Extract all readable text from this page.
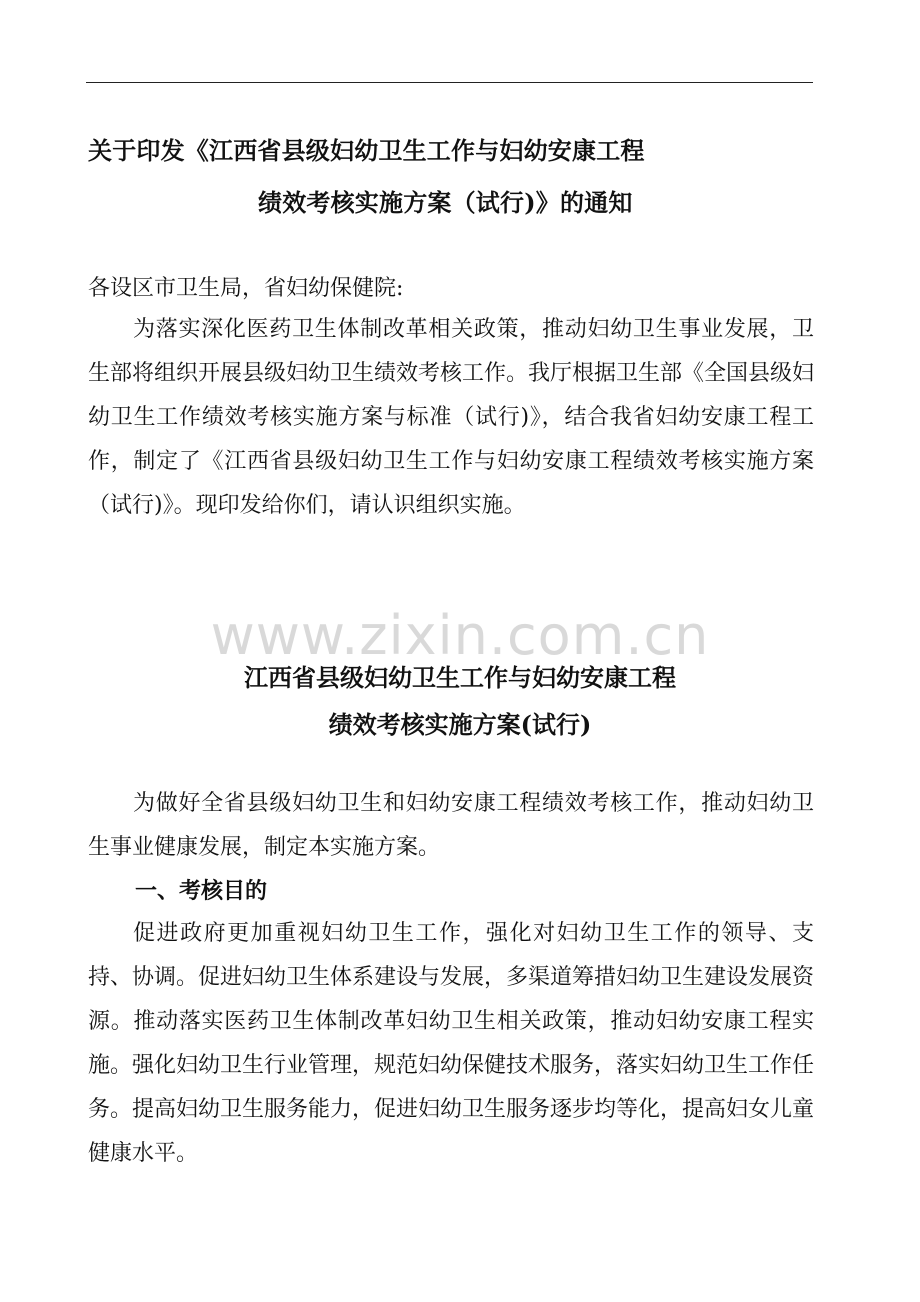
关于印发《江西省县级妇幼卫生工作与妇幼安康工程
绩效考核实施方案（试行)》的通知
各设区市卫生局，省妇幼保健院:
为落实深化医药卫生体制改革相关政策，推动妇幼卫生事业发展，卫生部将组织开展县级妇幼卫生绩效考核工作。我厅根据卫生部《全国县级妇幼卫生工作绩效考核实施方案与标准（试行)》，结合我省妇幼安康工程工作，制定了《江西省县级妇幼卫生工作与妇幼安康工程绩效考核实施方案（试行)》。现印发给你们，请认识组织实施。
www.zixin.com.cn
江西省县级妇幼卫生工作与妇幼安康工程
绩效考核实施方案(试行)
为做好全省县级妇幼卫生和妇幼安康工程绩效考核工作，推动妇幼卫生事业健康发展，制定本实施方案。
一、考核目的
促进政府更加重视妇幼卫生工作，强化对妇幼卫生工作的领导、支持、协调。促进妇幼卫生体系建设与发展，多渠道筹措妇幼卫生建设发展资源。推动落实医药卫生体制改革妇幼卫生相关政策，推动妇幼安康工程实施。强化妇幼卫生行业管理，规范妇幼保健技术服务，落实妇幼卫生工作任务。提高妇幼卫生服务能力，促进妇幼卫生服务逐步均等化，提高妇女儿童健康水平。
